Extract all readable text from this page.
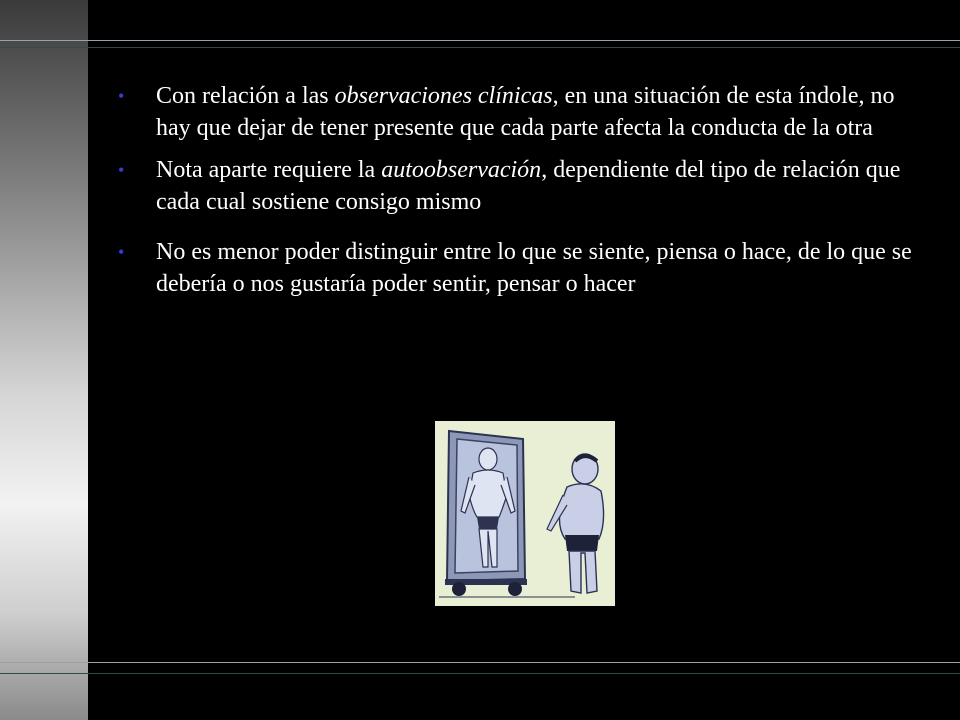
• Con relación a las observaciones clínicas, en una situación de esta índole, no hay que dejar de tener presente que cada parte afecta la conducta de la otra
• Nota aparte requiere la autoobservación, dependiente del tipo de relación que cada cual sostiene consigo mismo
• No es menor poder distinguir entre lo que se siente, piensa o hace, de lo que se debería o nos gustaría poder sentir, pensar o hacer
